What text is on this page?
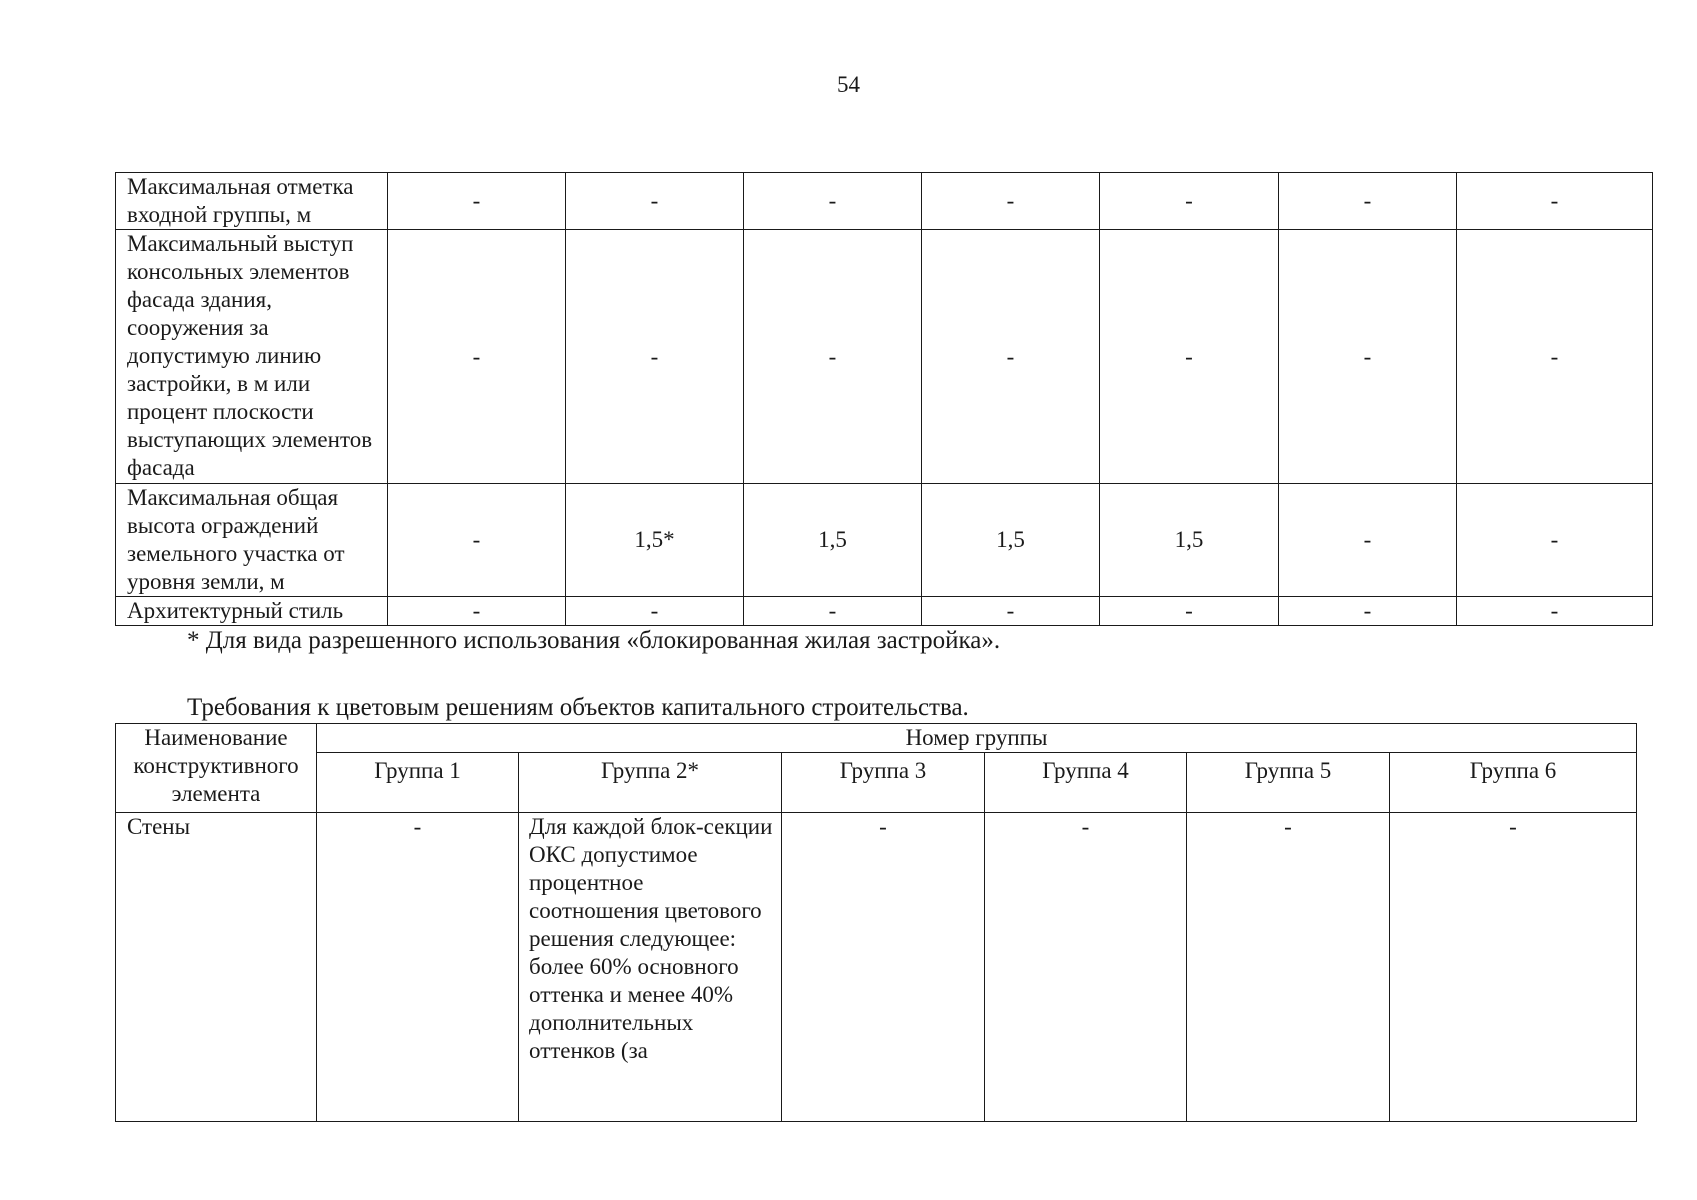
54
Максимальная отметка входной группы, м	-	-	-	-	-	-	-
Максимальный выступ консольных элементов фасада здания, сооружения за допустимую линию застройки, в м или процент плоскости выступающих элементов фасада	-	-	-	-	-	-	-
Максимальная общая высота ограждений земельного участка от уровня земли, м	-	1,5*	1,5	1,5	1,5	-	-
Архитектурный стиль	-	-	-	-	-	-	-
* Для вида разрешенного использования «блокированная жилая застройка».
Требования к цветовым решениям объектов капитального строительства.
Наименование конструктивного элемента	Номер группы					
	Группа 1	Группа 2*	Группа 3	Группа 4	Группа 5	Группа 6
Стены	-	Для каждой блок-секции ОКС допустимое процентное соотношения цветового решения следующее: более 60% основного оттенка и менее 40% дополнительных оттенков (за	-	-	-	-
